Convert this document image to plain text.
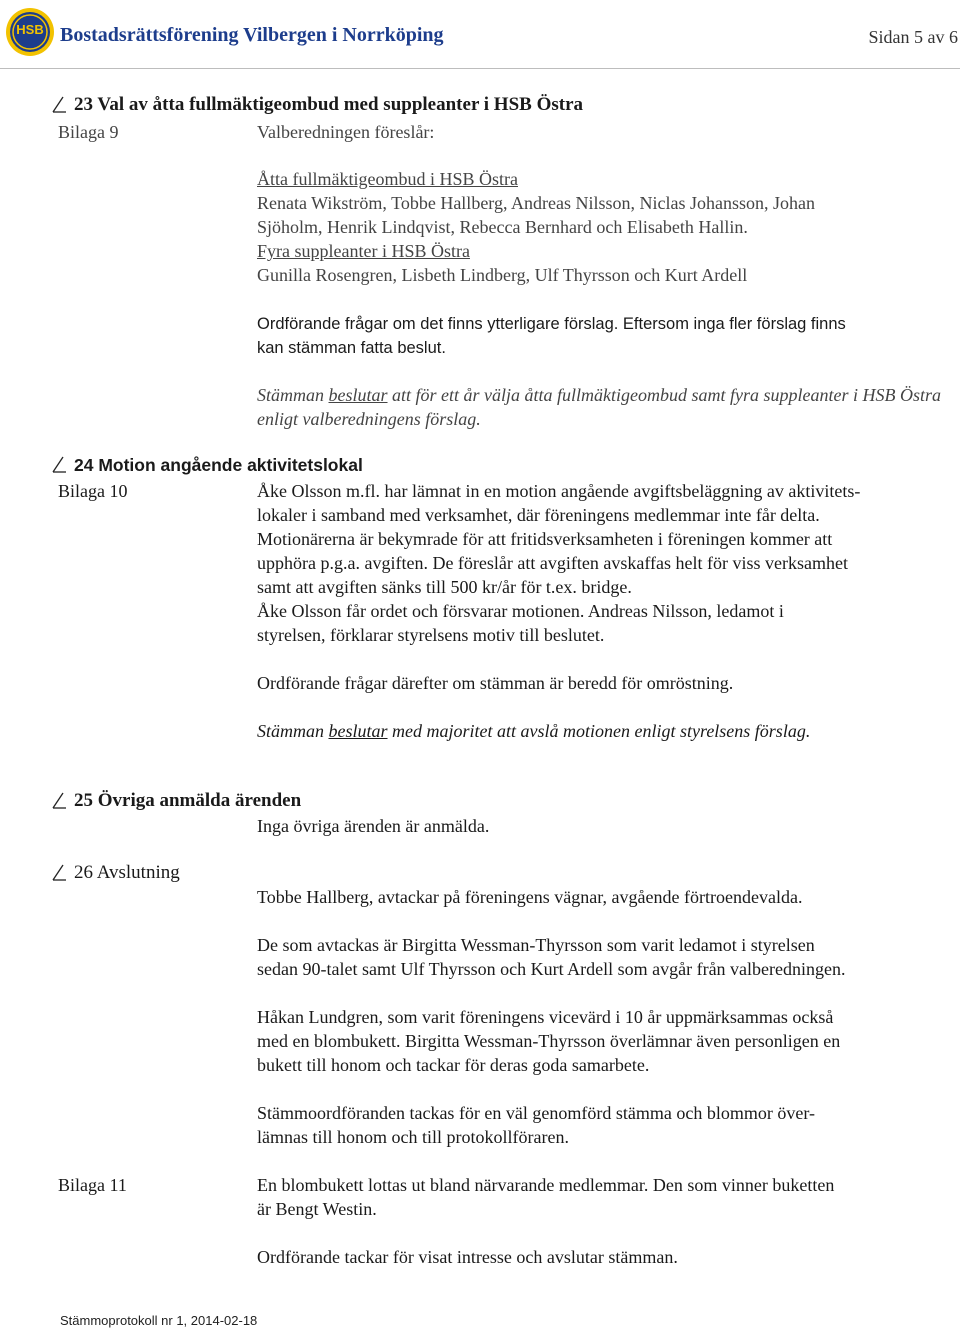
HSB Bostadsrättsförening Vilbergen i Norrköping	Sidan 5 av 6
23 Val av åtta fullmäktigeombud med suppleanter i HSB Östra
Bilaga 9	Valberedningen föreslår:
Åtta fullmäktigeombud i HSB Östra
Renata Wikström, Tobbe Hallberg, Andreas Nilsson, Niclas Johansson, Johan
Sjöholm, Henrik Lindqvist, Rebecca Bernhard och Elisabeth Hallin.
Fyra suppleanter i HSB Östra
Gunilla Rosengren, Lisbeth Lindberg, Ulf Thyrsson och Kurt Ardell
Ordförande frågar om det finns ytterligare förslag. Eftersom inga fler förslag finns
kan stämman fatta beslut.
Stämman beslutar att för ett år välja åtta fullmäktigeombud samt fyra suppleanter i HSB Östra
enligt valberedningens förslag.
24 Motion angående aktivitetslokal
Bilaga 10	Åke Olsson m.fl. har lämnat in en motion angående avgiftsbeläggning av aktivitets-
lokaler i samband med verksamhet, där föreningens medlemmar inte får delta.
Motionärerna är bekymrade för att fritidsverksamheten i föreningen kommer att
upphöra p.g.a. avgiften. De föreslår att avgiften avskaffas helt för viss verksamhet
samt att avgiften sänks till 500 kr/år för t.ex. bridge.
Åke Olsson får ordet och försvarar motionen. Andreas Nilsson, ledamot i
styrelsen, förklarar styrelsens motiv till beslutet.
Ordförande frågar därefter om stämman är beredd för omröstning.
Stämman beslutar med majoritet att avslå motionen enligt styrelsens förslag.
25 Övriga anmälda ärenden
Inga övriga ärenden är anmälda.
26 Avslutning
Tobbe Hallberg, avtackar på föreningens vägnar, avgående förtroendevalda.
De som avtackas är Birgitta Wessman-Thyrsson som varit ledamot i styrelsen
sedan 90-talet samt Ulf Thyrsson och Kurt Ardell som avgår från valberedningen.
Håkan Lundgren, som varit föreningens vicevärd i 10 år uppmärksammas också
med en blombukett. Birgitta Wessman-Thyrsson överlämnar även personligen en
bukett till honom och tackar för deras goda samarbete.
Stämmoordföranden tackas för en väl genomförd stämma och blommor över-
lämnas till honom och till protokollföraren.
Bilaga 11	En blombukett lottas ut bland närvarande medlemmar. Den som vinner buketten
är Bengt Westin.
Ordförande tackar för visat intresse och avslutar stämman.
Stämmoprotokoll nr 1, 2014-02-18
